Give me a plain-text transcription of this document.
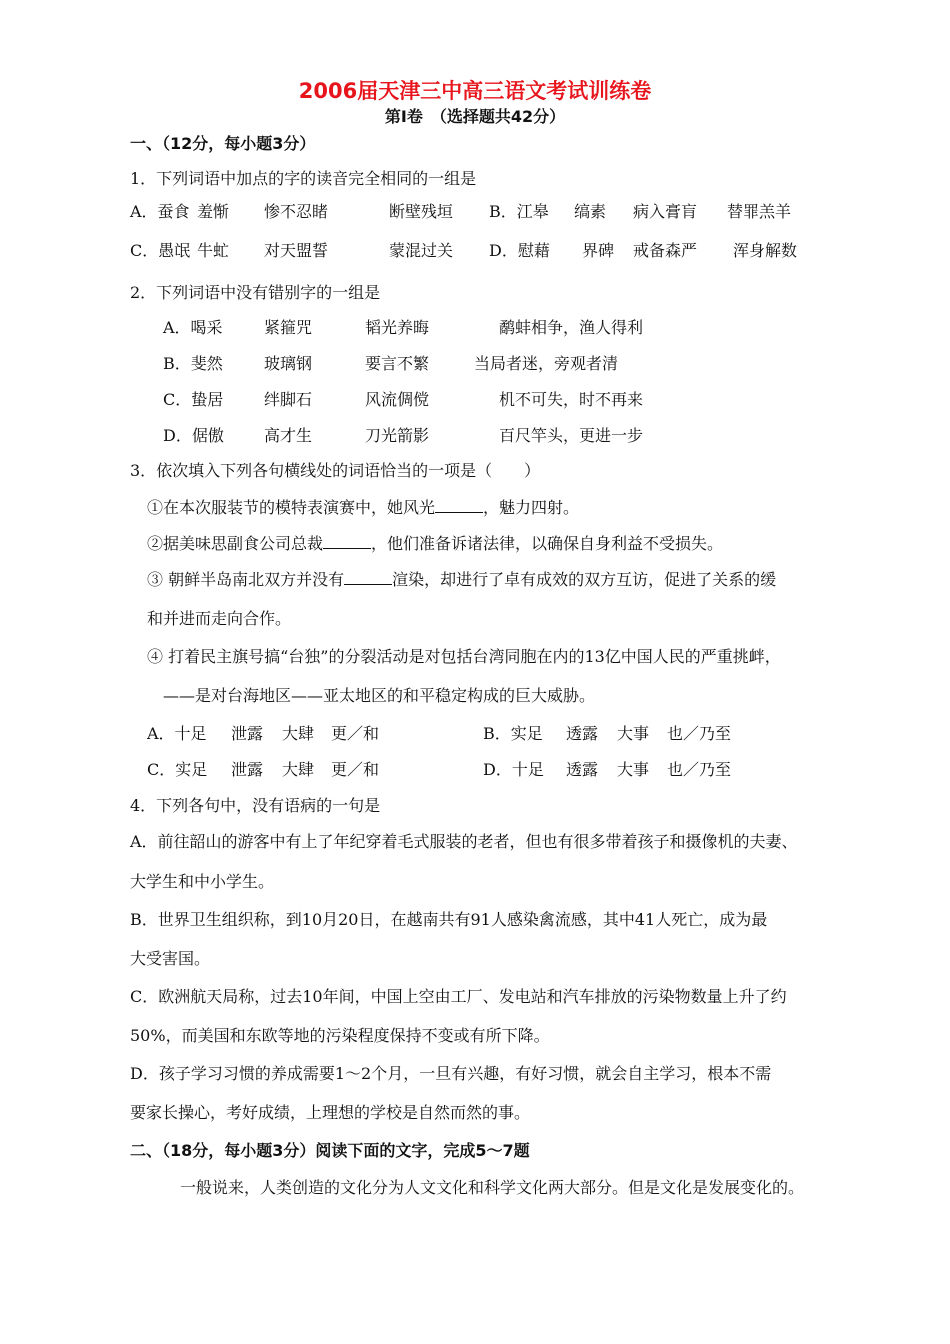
2006届天津三中高三语文考试训练卷
第Ⅰ卷　（选择题共42分）
一、（12分，每小题3分）
1．下列词语中加点的字的读音完全相同的一组是
A．蚕食 羞惭 惨不忍睹	断壁残垣 B．江皋 缟素 病入膏肓 替罪羔羊
C．愚氓 牛虻 对天盟誓	蒙混过关 D．慰藉 界碑 戒备森严 浑身解数
2．下列词语中没有错别字的一组是
A．喝采	紧箍咒	韬光养晦	鹬蚌相争，渔人得利
B．斐然	玻璃钢	要言不繁	当局者迷，旁观者清
C．蛰居	绊脚石	风流倜傥	机不可失，时不再来
D．倨傲	高才生	刀光箭影	百尺竿头，更进一步
3．依次填入下列各句横线处的词语恰当的一项是（　　）
①在本次服装节的模特表演赛中，她风光	，魅力四射。
②据美味思副食公司总裁	，他们准备诉诸法律，以确保自身利益不受损失。
③ 朝鲜半岛南北双方并没有	渲染，却进行了卓有成效的双方互访，促进了关系的缓
和并进而走向合作。
④ 打着民主旗号搞“台独”的分裂活动是对包括台湾同胞在内的13亿中国人民的严重挑衅，
——是对台海地区——亚太地区的和平稳定构成的巨大威胁。
A．十足 泄露 大肆 更／和	B．实足 透露 大事 也／乃至
C．实足 泄露 大肆 更／和	D．十足 透露 大事 也／乃至
4．下列各句中，没有语病的一句是
A．前往韶山的游客中有上了年纪穿着毛式服装的老者，但也有很多带着孩子和摄像机的夫妻、
大学生和中小学生。
B．世界卫生组织称，到10月20日，在越南共有91人感染禽流感，其中41人死亡，成为最
大受害国。
C．欧洲航天局称，过去10年间，中国上空由工厂、发电站和汽车排放的污染物数量上升了约
50%，而美国和东欧等地的污染程度保持不变或有所下降。
D．孩子学习习惯的养成需要1～2个月，一旦有兴趣，有好习惯，就会自主学习，根本不需
要家长操心，考好成绩，上理想的学校是自然而然的事。
二、（18分，每小题3分）阅读下面的文字，完成5～7题
一般说来，人类创造的文化分为人文文化和科学文化两大部分。但是文化是发展变化的。
